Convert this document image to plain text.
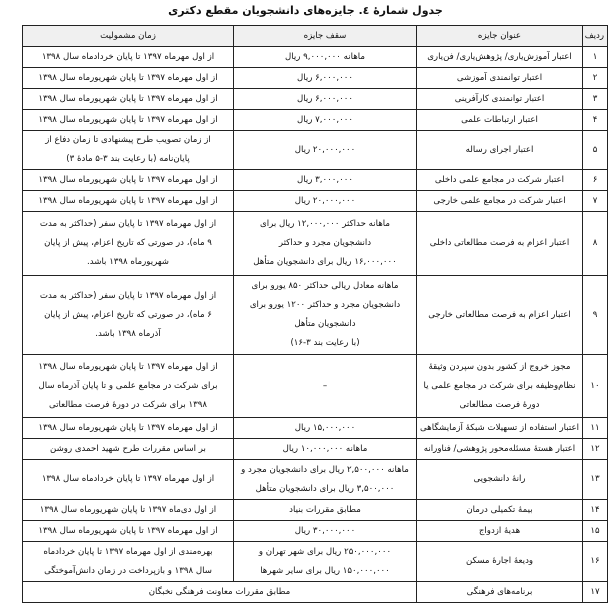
جدول شمارهٔ ٤. جایزه‌های دانشجویان مقطع دکتری
ردیف	عنوان جایزه	سقف جایزه	زمان مشمولیت
۱	اعتبار آموزش‌یاری/ پژوهش‌یاری/ فن‌یاری	ماهانه ۹,۰۰۰,۰۰۰ ریال	از اول مهرماه ۱۳۹۷ تا پایان خردادماه سال ۱۳۹۸

۲	اعتبار توانمندی آموزشی	۶,۰۰۰,۰۰۰ ریال	از اول مهرماه ۱۳۹۷ تا پایان شهریورماه سال ۱۳۹۸

۳	اعتبار توانمندی کارآفرینی	۶,۰۰۰,۰۰۰ ریال	از اول مهرماه ۱۳۹۷ تا پایان شهریورماه سال ۱۳۹۸

۴	اعتبار ارتباطات علمی	۷,۰۰۰,۰۰۰ ریال	از اول مهرماه ۱۳۹۷ تا پایان شهریورماه سال ۱۳۹۸

۵	اعتبار اجرای رساله	۲۰,۰۰۰,۰۰۰ ریال	از زمان تصویب طرح پیشنهادی تا زمان دفاع از
پایان‌نامه (با رعایت بند ۳-۵ مادهٔ ۳)

۶	اعتبار شرکت در مجامع علمی داخلی	۳,۰۰۰,۰۰۰ ریال	از اول مهرماه ۱۳۹۷ تا پایان شهریورماه سال ۱۳۹۸

۷	اعتبار شرکت در مجامع علمی خارجی	۲۰,۰۰۰,۰۰۰ ریال	از اول مهرماه ۱۳۹۷ تا پایان شهریورماه سال ۱۳۹۸

۸	اعتبار اعزام به فرصت مطالعاتی داخلی	ماهانه حداکثر ۱۲,۰۰۰,۰۰۰ ریال برای
دانشجویان مجرد و حداکثر
۱۶,۰۰۰,۰۰۰ ریال برای دانشجویان متأهل	از اول مهرماه ۱۳۹۷ تا پایان سفر (حداکثر به مدت
۹ ماه)، در صورتی که تاریخ اعزام، پیش از پایان
شهریورماه ۱۳۹۸ باشد.

۹	اعتبار اعزام به فرصت مطالعاتی خارجی	ماهانه معادل ریالی حداکثر ۸۵۰ یورو برای
دانشجویان مجرد و حداکثر ۱۲۰۰ یورو برای
دانشجویان متأهل
(با رعایت بند ۳-۱۶)	از اول مهرماه ۱۳۹۷ تا پایان سفر (حداکثر به مدت
۶ ماه)، در صورتی که تاریخ اعزام، پیش از پایان
آذرماه ۱۳۹۸ باشد.

۱۰	مجوز خروج از کشور بدون سپردن وثیقهٔ
نظام‌وظیفه برای شرکت در مجامع علمی یا
دورهٔ فرصت مطالعاتی	–	از اول مهرماه ۱۳۹۷ تا پایان شهریورماه سال ۱۳۹۸
برای شرکت در مجامع علمی و تا پایان آذرماه سال
۱۳۹۸ برای شرکت در دورهٔ فرصت مطالعاتی

۱۱	اعتبار استفاده از تسهیلات شبکهٔ آزمایشگاهی	۱۵,۰۰۰,۰۰۰ ریال	از اول مهرماه ۱۳۹۷ تا پایان شهریورماه سال ۱۳۹۸

۱۲	اعتبار هستهٔ مسئله‌محور پژوهشی/ فناورانه	ماهانه ۱۰,۰۰۰,۰۰۰ ریال	بر اساس مقررات طرح شهید احمدی روشن

۱۳	رانهٔ دانشجویی	ماهانه ۲,۵۰۰,۰۰۰ ریال برای دانشجویان مجرد و
۳,۵۰۰,۰۰۰ ریال برای دانشجویان متأهل	از اول مهرماه ۱۳۹۷ تا پایان خردادماه سال ۱۳۹۸

۱۴	بیمهٔ تکمیلی درمان	مطابق مقررات بنیاد	از اول دی‌ماه ۱۳۹۷ تا پایان شهریورماه سال ۱۳۹۸

۱۵	هدیهٔ ازدواج	۳۰,۰۰۰,۰۰۰ ریال	از اول مهرماه ۱۳۹۷ تا پایان شهریورماه سال ۱۳۹۸

۱۶	ودیعهٔ اجارهٔ مسکن	۲۵۰,۰۰۰,۰۰۰ ریال برای شهر تهران و
۱۵۰,۰۰۰,۰۰۰ ریال برای سایر شهرها	بهره‌مندی از اول مهرماه ۱۳۹۷ تا پایان خردادماه
سال ۱۳۹۸ و بازپرداخت در زمان دانش‌آموختگی

۱۷	برنامه‌های فرهنگی	مطابق مقررات معاونت فرهنگی نخبگان	
